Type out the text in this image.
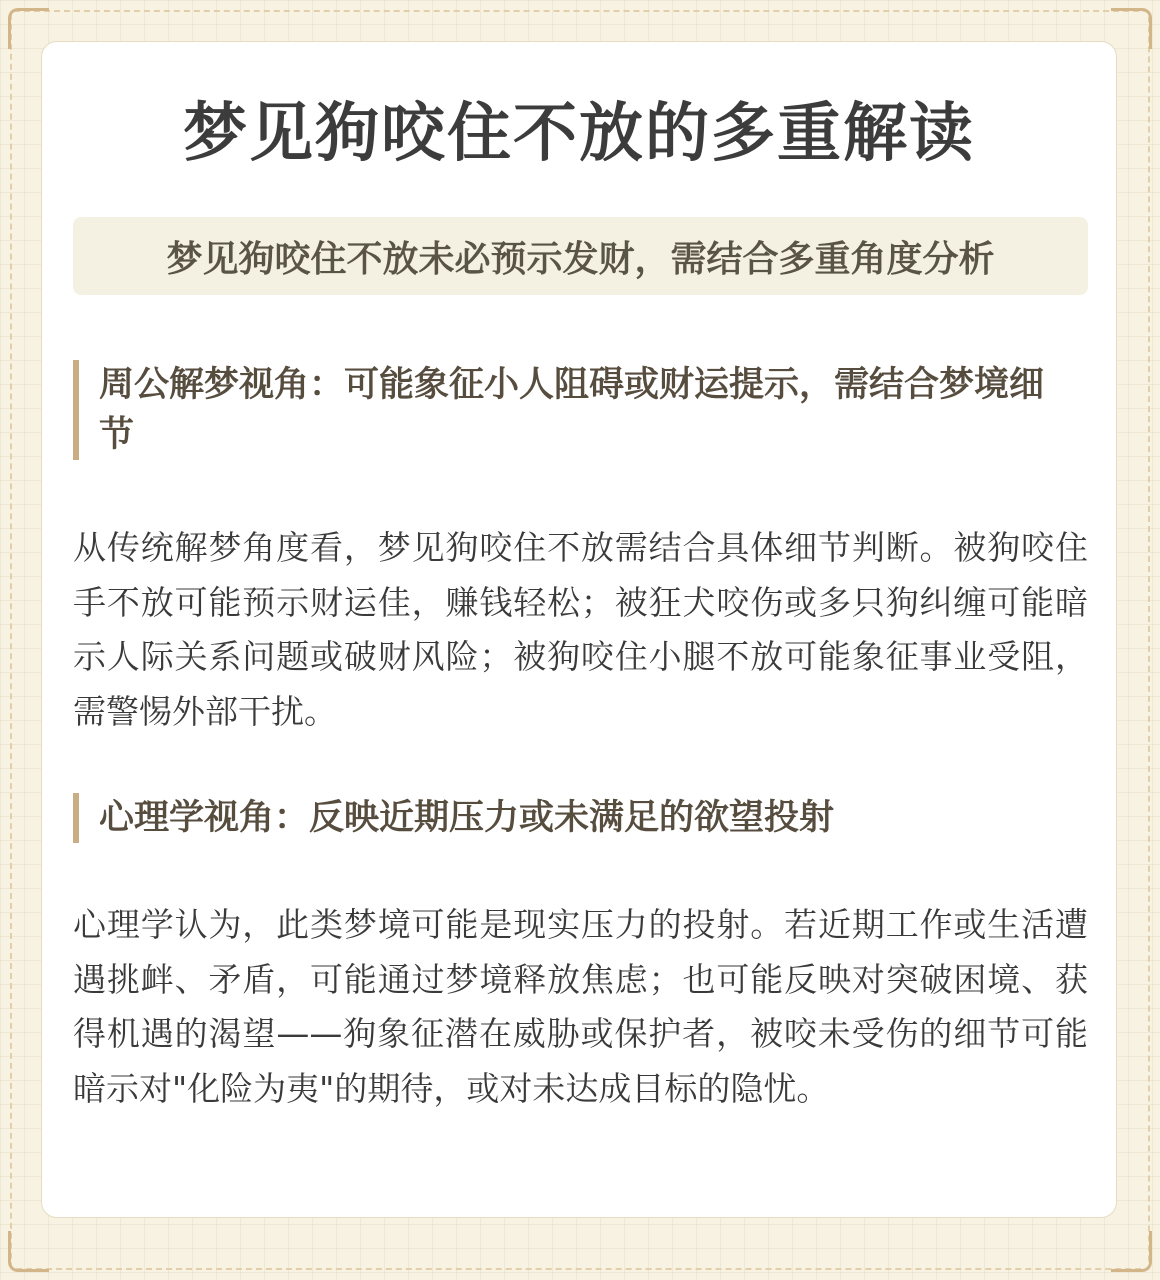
梦见狗咬住不放的多重解读
梦见狗咬住不放未必预示发财，需结合多重角度分析
周公解梦视角：可能象征小人阻碍或财运提示，需结合梦境细节

从传统解梦角度看，梦见狗咬住不放需结合具体细节判断。被狗咬住手不放可能预示财运佳，赚钱轻松；被狂犬咬伤或多只狗纠缠可能暗示人际关系问题或破财风险；被狗咬住小腿不放可能象征事业受阻，需警惕外部干扰。

心理学视角：反映近期压力或未满足的欲望投射

心理学认为，此类梦境可能是现实压力的投射。若近期工作或生活遭遇挑衅、矛盾，可能通过梦境释放焦虑；也可能反映对突破困境、获得机遇的渴望——狗象征潜在威胁或保护者，被咬未受伤的细节可能暗示对"化险为夷"的期待，或对未达成目标的隐忧。
